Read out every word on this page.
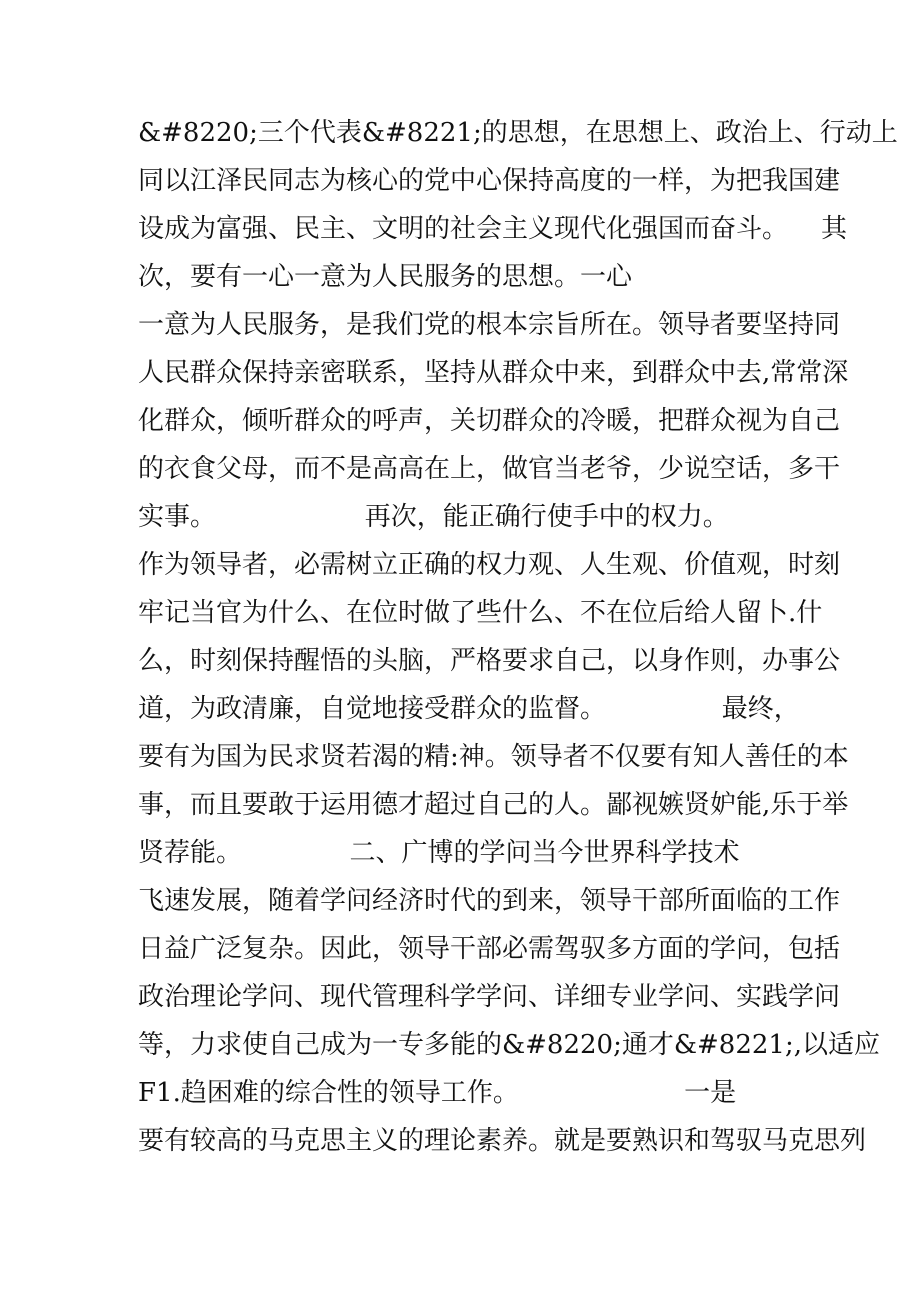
&#8220;三个代表&#8221;的思想，在思想上、政治上、行动上
同以江泽民同志为核心的党中心保持高度的一样，为把我国建
设成为富强、民主、文明的社会主义现代化强国而奋斗。    其
次，要有一心一意为人民服务的思想。一心
一意为人民服务，是我们党的根本宗旨所在。领导者要坚持同
人民群众保持亲密联系，坚持从群众中来，到群众中去,常常深
化群众，倾听群众的呼声，关切群众的冷暖，把群众视为自己
的衣食父母，而不是高高在上，做官当老爷，少说空话，多干
实事。                  再次，能正确行使手中的权力。
作为领导者，必需树立正确的权力观、人生观、价值观，时刻
牢记当官为什么、在位时做了些什么、不在位后给人留卜.什
么，时刻保持醒悟的头脑，严格要求自己，以身作则，办事公
道，为政清廉，自觉地接受群众的监督。              最终，
要有为国为民求贤若渴的精:神。领导者不仅要有知人善任的本
事，而且要敢于运用德才超过自己的人。鄙视嫉贤妒能,乐于举
贤荐能。             二、广博的学问当今世界科学技术
飞速发展，随着学问经济时代的到来，领导干部所面临的工作
日益广泛复杂。因此，领导干部必需驾驭多方面的学问，包括
政治理论学问、现代管理科学学问、详细专业学问、实践学问
等，力求使自己成为一专多能的&#8220;通才&#8221;,以适应
F1.趋困难的综合性的领导工作。                    一是
要有较高的马克思主义的理论素养。就是要熟识和驾驭马克思列
